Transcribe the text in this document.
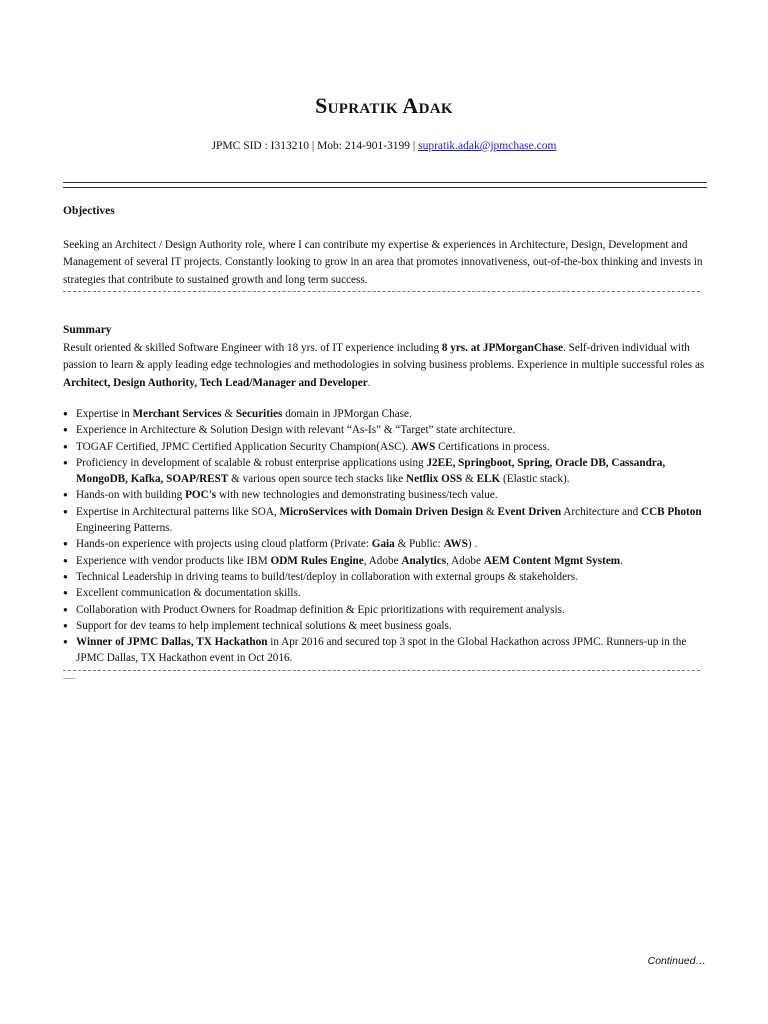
Supratik Adak
JPMC SID : I313210 | Mob: 214-901-3199 | supratik.adak@jpmchase.com
Objectives

Seeking an Architect / Design Authority role, where I can contribute my expertise & experiences in Architecture, Design, Development and Management of several IT projects. Constantly looking to grow in an area that promotes innovativeness, out-of-the-box thinking and invests in strategies that contribute to sustained growth and long term success.

Summary

Result oriented & skilled Software Engineer with 18 yrs. of IT experience including 8 yrs. at JPMorganChase. Self-driven individual with passion to learn & apply leading edge technologies and methodologies in solving business problems. Experience in multiple successful roles as Architect, Design Authority, Tech Lead/Manager and Developer.

● Expertise in Merchant Services & Securities domain in JPMorgan Chase.
● Experience in Architecture & Solution Design with relevant “As-Is” & “Target” state architecture.
● TOGAF Certified, JPMC Certified Application Security Champion(ASC). AWS Certifications in process.
● Proficiency in development of scalable & robust enterprise applications using J2EE, Springboot, Spring, Oracle DB, Cassandra, MongoDB, Kafka, SOAP/REST & various open source tech stacks like Netflix OSS & ELK (Elastic stack).
● Hands-on with building POC's with new technologies and demonstrating business/tech value.
● Expertise in Architectural patterns like SOA, MicroServices with Domain Driven Design & Event Driven Architecture and CCB Photon Engineering Patterns.
● Hands-on experience with projects using cloud platform (Private: Gaia & Public: AWS) .
● Experience with vendor products like IBM ODM Rules Engine, Adobe Analytics, Adobe AEM Content Mgmt System.
● Technical Leadership in driving teams to build/test/deploy in collaboration with external groups & stakeholders.
● Excellent communication & documentation skills.
● Collaboration with Product Owners for Roadmap definition & Epic prioritizations with requirement analysis.
● Support for dev teams to help implement technical solutions & meet business goals.
● Winner of JPMC Dallas, TX Hackathon in Apr 2016 and secured top 3 spot in the Global Hackathon across JPMC. Runners-up in the JPMC Dallas, TX Hackathon event in Oct 2016.
Continued…
